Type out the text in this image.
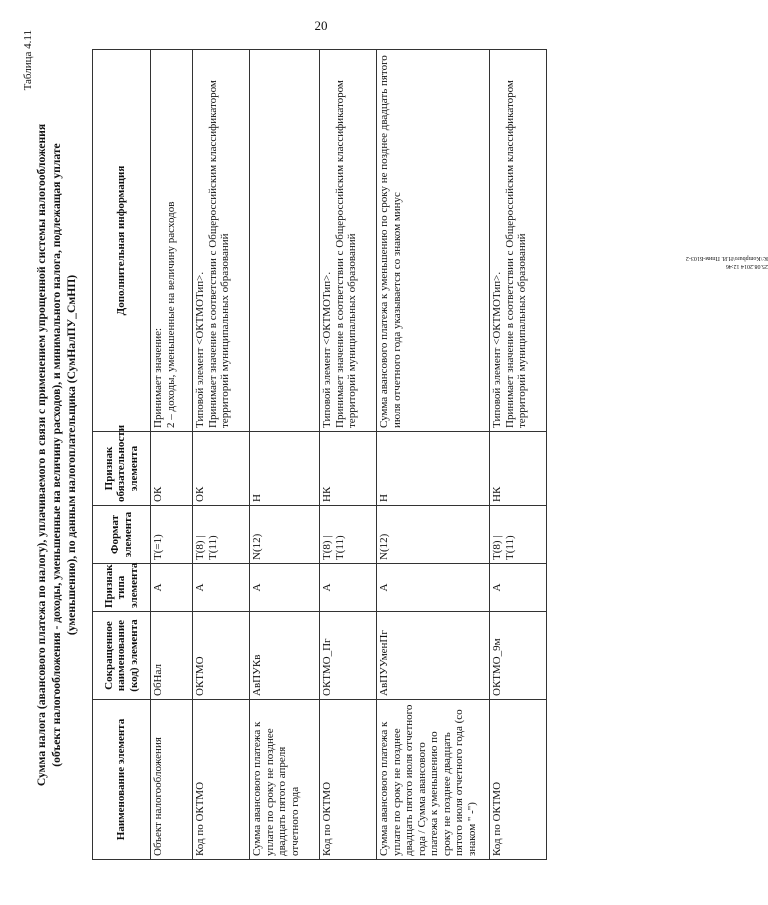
20
Таблица 4.11
Сумма налога (авансового платежа по налогу), уплачиваемого в связи с применением упрощенной системы налогообложения (объект налогообложения - доходы, уменьшенные на величину расходов), и минимального налога, подлежащая уплате (уменьшению), по данным налогоплательщика (СумНалПУ_СмНП)
Наименование элемента	Сокращенное наименование (код) элемента	Признак типа элемента	Формат элемента	Признак обязательности элемента	Дополнительная информация
Объект налогообложения	ОбНал	А	T(=1)	ОК	Принимает значение:
2 – доходы, уменьшенные на величину расходов
Код по ОКТМО	ОКТМО	А	T(8) |
T(11)	ОК	Типовой элемент <ОКТМОТип>.
Принимает значение в соответствии с Общероссийским классификатором территорий муниципальных образований
Сумма авансового платежа к уплате по сроку не позднее двадцать пятого апреля отчетного года	АвПУКв	А	N(12)	Н	
Код по ОКТМО	ОКТМО_Пг	А	T(8) |
T(11)	НК	Типовой элемент <ОКТМОТип>.
Принимает значение в соответствии с Общероссийским классификатором территорий муниципальных образований
Сумма авансового платежа к уплате по сроку не позднее двадцать пятого июля отчетного года / Сумма авансового платежа к уменьшению по сроку не позднее двадцать пятого июля отчетного года (со знаком " -")	АвПУУменПг	А	N(12)	Н	Сумма авансового платежа к уменьшению по сроку не позднее двадцать пятого июля отчетного года указывается со знаком минус
Код по ОКТМО	ОКТМО_9м	А	T(8) |
T(11)	НК	Типовой элемент <ОКТМОТип>.
Принимает значение в соответствии с Общероссийским классификатором территорий муниципальных образований	25.08.2014 12:46
К:\Kompburo\Н.И. Ппим-Б103-2
